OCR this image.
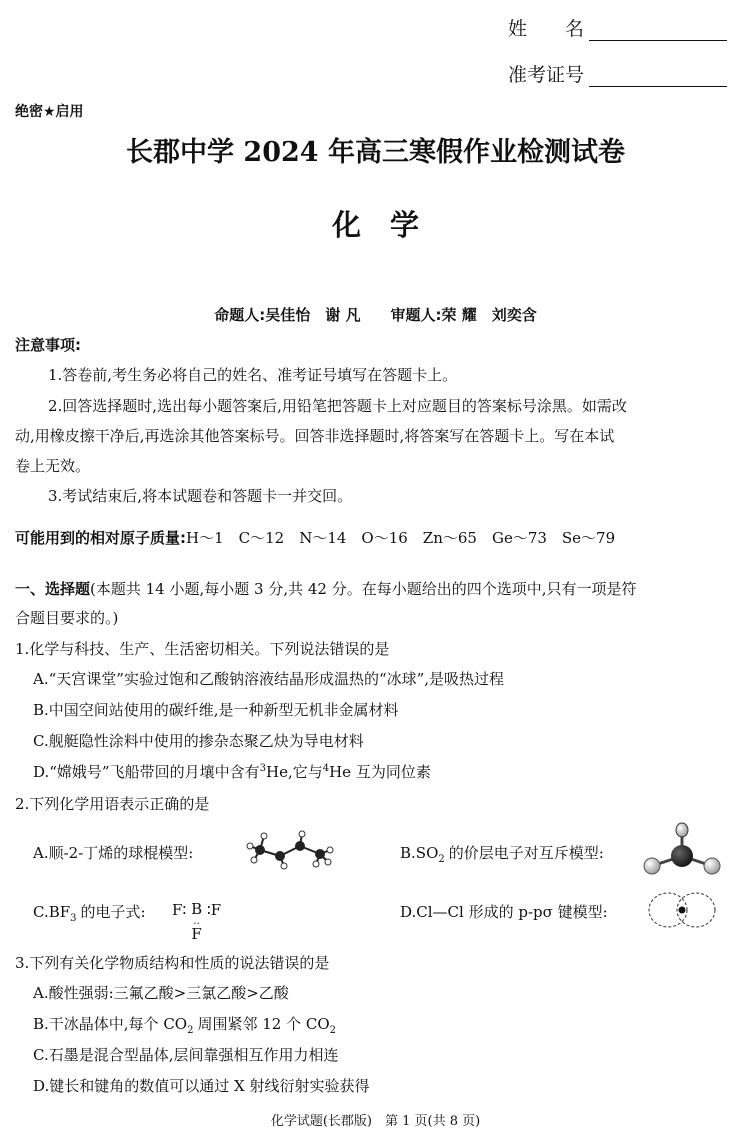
姓　　名
准考证号
绝密★启用
长郡中学 2024 年高三寒假作业检测试卷
化　学
命题人:吴佳怡　谢 凡　　审题人:荣 耀　刘奕含
注意事项:
1.答卷前,考生务必将自己的姓名、准考证号填写在答题卡上。
2.回答选择题时,选出每小题答案后,用铅笔把答题卡上对应题目的答案标号涂黑。如需改
动,用橡皮擦干净后,再选涂其他答案标号。回答非选择题时,将答案写在答题卡上。写在本试
卷上无效。
3.考试结束后,将本试题卷和答题卡一并交回。
可能用到的相对原子质量:H～1　C～12　N～14　O～16　Zn～65　Ge～73　Se～79
一、选择题(本题共 14 小题,每小题 3 分,共 42 分。在每小题给出的四个选项中,只有一项是符
合题目要求的。)
1.化学与科技、生产、生活密切相关。下列说法错误的是
A.“天宫课堂”实验过饱和乙酸钠溶液结晶形成温热的“冰球”,是吸热过程
B.中国空间站使用的碳纤维,是一种新型无机非金属材料
C.舰艇隐性涂料中使用的掺杂态聚乙炔为导电材料
D.“嫦娥号”飞船带回的月壤中含有$^3$He,它与$^4$He 互为同位素
2.下列化学用语表示正确的是
A.顺-2-丁烯的球棍模型:	$B.SO_2$ 的价层电子对互斥模型:
$C.BF_3$ 的电子式: F∶ B
‥
F
∶F	D.Cl—Cl 形成的 p-pσ 键模型:
3.下列有关化学物质结构和性质的说法错误的是
A.酸性强弱:三氟乙酸>三氯乙酸>乙酸
B.干冰晶体中,每个 $CO_2$ 周围紧邻 12 个 $CO_2$
C.石墨是混合型晶体,层间靠强相互作用力相连
D.键长和键角的数值可以通过 X 射线衍射实验获得
化学试题(长郡版)　第 1 页(共 8 页)
